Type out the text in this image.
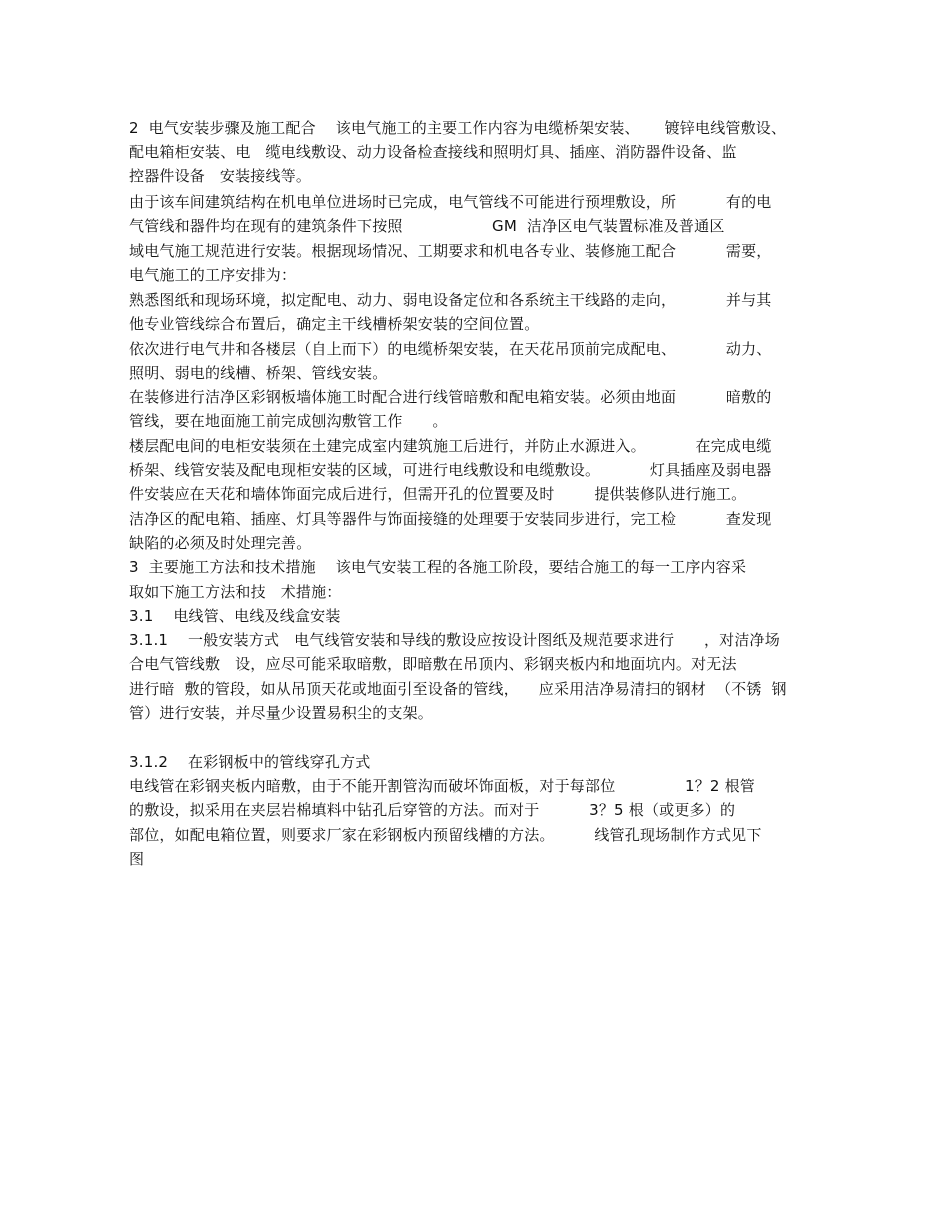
2  电气安装步骤及施工配合    该电气施工的主要工作内容为电缆桥架安装、     镀锌电线管敷设、
配电箱柜安装、电   缆电线敷设、动力设备检查接线和照明灯具、插座、消防器件设备、监
控器件设备   安装接线等。
由于该车间建筑结构在机电单位进场时已完成，电气管线不可能进行预埋敷设，所          有的电
气管线和器件均在现有的建筑条件下按照                  GM  洁净区电气装置标准及普通区
域电气施工规范进行安装。根据现场情况、工期要求和机电各专业、装修施工配合          需要，
电气施工的工序安排为：
熟悉图纸和现场环境，拟定配电、动力、弱电设备定位和各系统主干线路的走向，          并与其
他专业管线综合布置后，确定主干线槽桥架安装的空间位置。
依次进行电气井和各楼层（自上而下）的电缆桥架安装，在天花吊顶前完成配电、          动力、
照明、弱电的线槽、桥架、管线安装。
在装修进行洁净区彩钢板墙体施工时配合进行线管暗敷和配电箱安装。必须由地面          暗敷的
管线，要在地面施工前完成刨沟敷管工作      。
楼层配电间的电柜安装须在土建完成室内建筑施工后进行，并防止水源进入。          在完成电缆
桥架、线管安装及配电现柜安装的区域，可进行电线敷设和电缆敷设。          灯具插座及弱电器
件安装应在天花和墙体饰面完成后进行，但需开孔的位置要及时        提供装修队进行施工。
洁净区的配电箱、插座、灯具等器件与饰面接缝的处理要于安装同步进行，完工检          查发现
缺陷的必须及时处理完善。
3  主要施工方法和技术措施    该电气安装工程的各施工阶段，要结合施工的每一工序内容采
取如下施工方法和技   术措施：
3.1    电线管、电线及线盒安装
3.1.1    一般安装方式   电气线管安装和导线的敷设应按设计图纸及规范要求进行      ，对洁净场
合电气管线敷   设，应尽可能采取暗敷，即暗敷在吊顶内、彩钢夹板内和地面坑内。对无法
进行暗  敷的管段，如从吊顶天花或地面引至设备的管线，    应采用洁净易清扫的钢材  （不锈  钢
管）进行安装，并尽量少设置易积尘的支架。
3.1.2    在彩钢板中的管线穿孔方式
电线管在彩钢夹板内暗敷，由于不能开割管沟而破坏饰面板，对于每部位              1？2 根管
的敷设，拟采用在夹层岩棉填料中钻孔后穿管的方法。而对于          3？5 根（或更多）的
部位，如配电箱位置，则要求厂家在彩钢板内预留线槽的方法。        线管孔现场制作方式见下
图
